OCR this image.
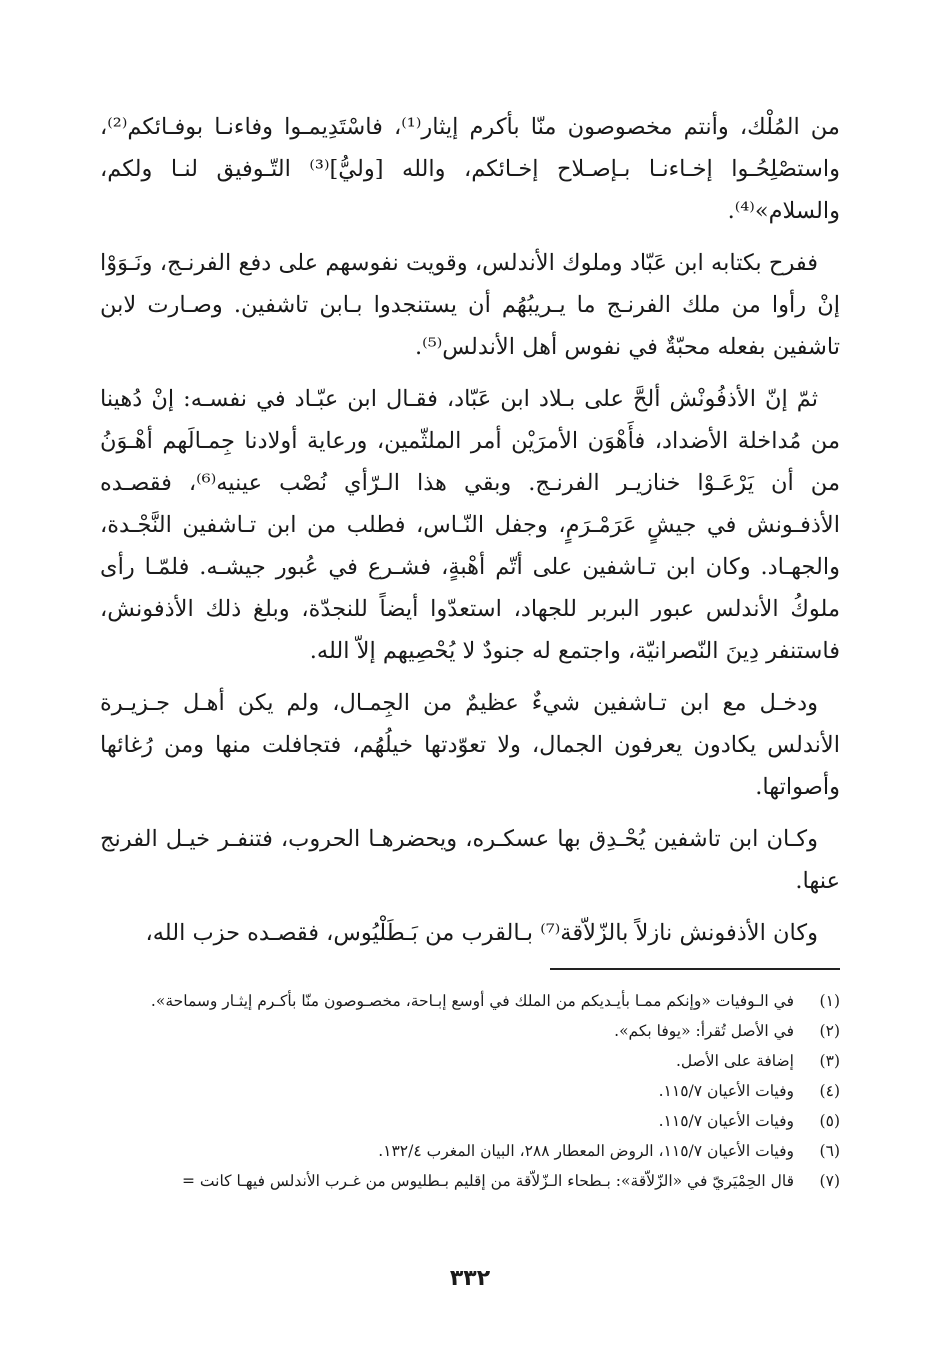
من المُلْك، وأنتم مخصوصون منّا بأكرم إيثار⁽¹⁾، فاسْتَدِيمـوا وفاءنـا بوفـائكم⁽²⁾، واستصْلِحُـوا إخـاءنـا بـإصـلاح إخـائكم، والله [وليُّ]⁽³⁾ التّـوفيق لنـا ولكم، والسلام»⁽⁴⁾.

ففرح بكتابه ابن عَبّاد وملوك الأندلس، وقويت نفوسهم على دفع الفرنـج، ونَـوَوْا إنْ رأوا من ملك الفرنـج ما يـريبُهُم أن يستنجدوا بـابن تاشفين. وصـارت لابن تاشفين بفعله محبّةٌ في نفوس أهل الأندلس⁽⁵⁾.

ثمّ إنّ الأذفُونْش ألحَّ على بـلاد ابن عَبّاد، فقـال ابن عبّـاد في نفسـه: إنْ دُهينا من مُداخلة الأضداد، فأَهْوَن الأمرَيْن أمر الملثّمين، ورعاية أولادنا جِمـالَهم أهْـوَنُ من أن يَرْعَـوْا خنازيـر الفرنـج. وبقي هذا الـرّأي نُصْب عينيه⁽⁶⁾، فقصـده الأذفـونش في جيشٍ عَرَمْـرَمٍ، وجفل النّـاس، فطلب من ابن تـاشفين النَّجْـدة، والجهـاد. وكان ابن تـاشفين على أتّم أهْبةٍ، فشـرع في عُبور جيشـه. فلمّـا رأى ملوكُ الأندلس عبور البربر للجهاد، استعدّوا أيضاً للنجدّة، وبلغ ذلك الأذفونش، فاستنفر دِينَ النّصرانيّة، واجتمع له جنودٌ لا يُحْصِيهم إلاّ الله.

ودخـل مع ابن تـاشفين شيءٌ عظيمٌ من الجِمـال، ولم يكن أهـل جـزيـرة الأندلس يكادون يعرفون الجمال، ولا تعوّدتها خيلُهُم، فتجافلت منها ومن رُغائها وأصواتها.

وكـان ابن تاشفين يُحْـدِق بها عسكـره، ويحضرهـا الحروب، فتنفـر خيـل الفرنج عنها.

وكان الأذفونش نازلاً بالزّلاّقة⁽⁷⁾ بـالقرب من بَـطَلْيُوس، فقصـده حزب الله،

(١)
في الـوفيات «وإنكم ممـا بأيـديكم من الملك في أوسع إبـاحة، مخصـوصون منّا بأكـرم إيثـار وسماحة».
(٢)
في الأصل تُقرأ: «يوفا بكم».
(٣)
إضافة على الأصل.
(٤)
وفيات الأعيان ١١٥/٧.
(٥)
وفيات الأعيان ١١٥/٧.
(٦)
وفيات الأعيان ١١٥/٧، الروض المعطار ٢٨٨، البيان المغرب ١٣٢/٤.
(٧)
قال الحِمْيَريّ في «الزّلاّقة»: بـطحاء الـزّلاّقة من إقليم بـطليوس من غـرب الأندلس فيهـا كانت =
٣٣٢
